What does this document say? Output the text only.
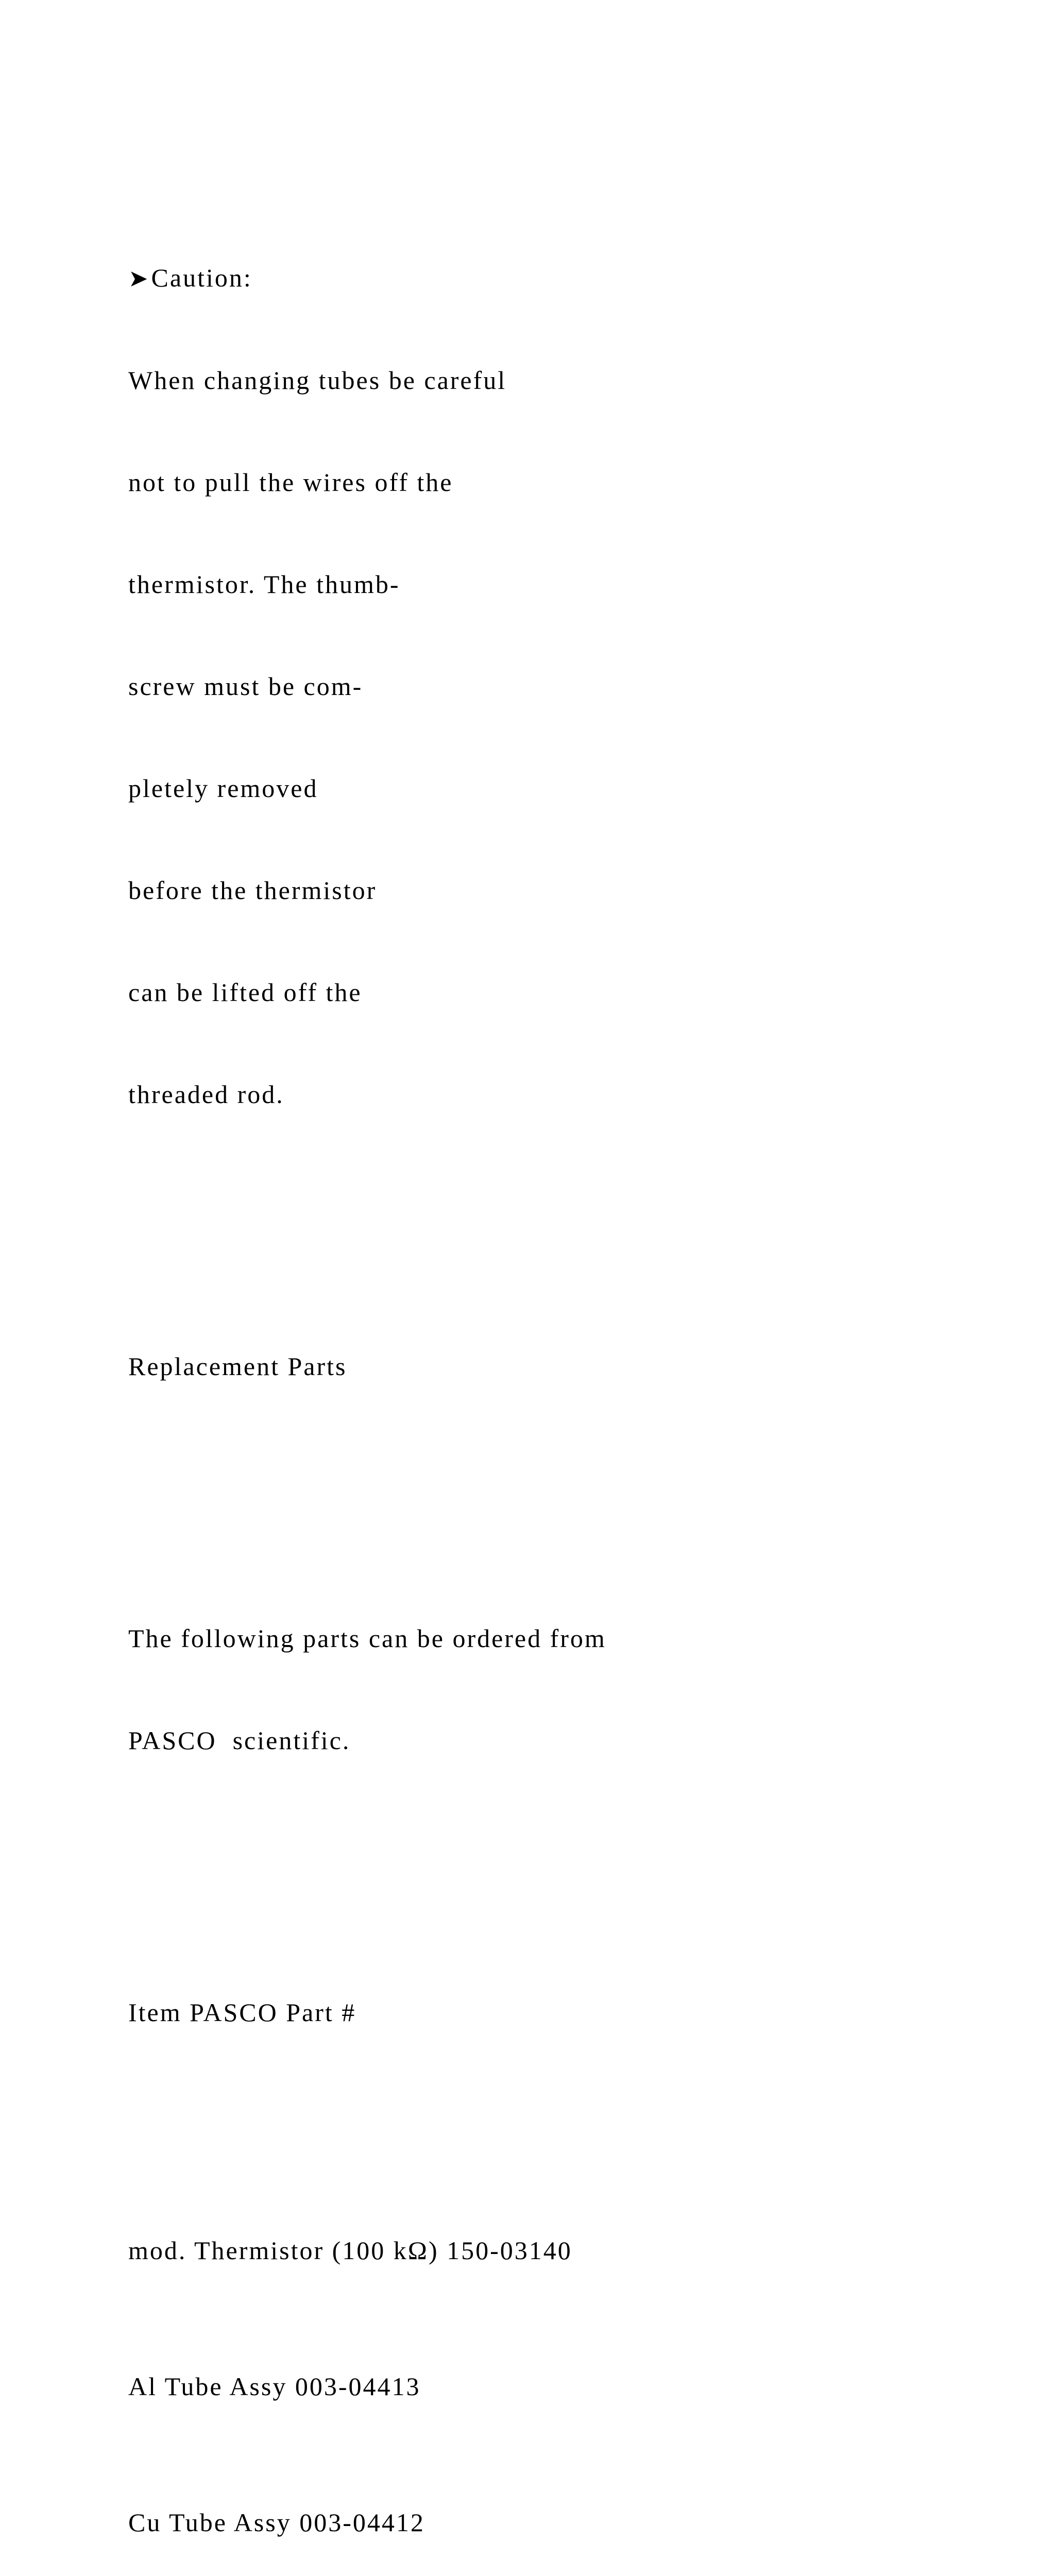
➤ Caution:

When changing tubes be careful

not to pull the wires off the

thermistor. The thumb-

screw must be com-

pletely removed

before the thermistor

can be lifted off the

threaded rod.

Replacement Parts

The following parts can be ordered from

PASCO  scientific.

Item PASCO Part #

mod. Thermistor (100 kΩ) 150-03140

Al Tube Assy 003-04413

Cu Tube Assy 003-04412
